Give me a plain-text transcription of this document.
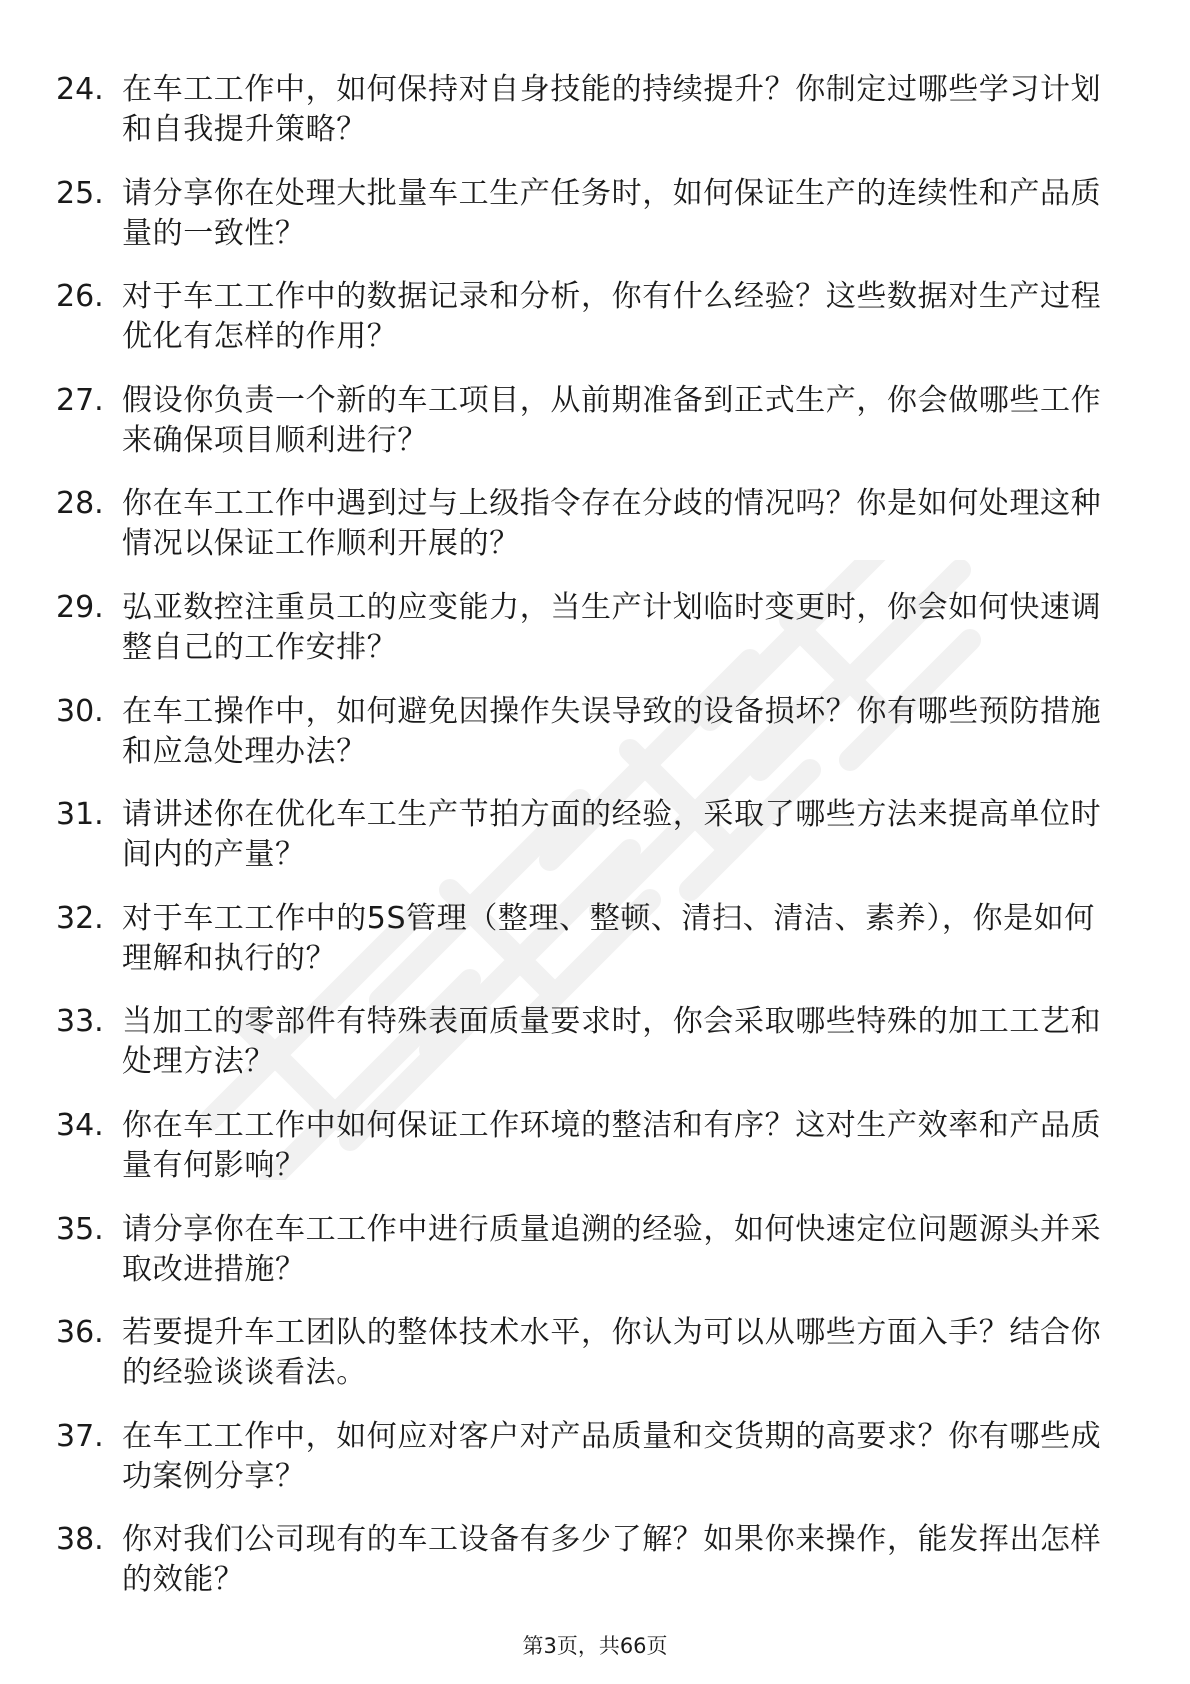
24. 在车工工作中，如何保持对自身技能的持续提升？你制定过哪些学习计划和自我提升策略？
25. 请分享你在处理大批量车工生产任务时，如何保证生产的连续性和产品质量的一致性？
26. 对于车工工作中的数据记录和分析，你有什么经验？这些数据对生产过程优化有怎样的作用？
27. 假设你负责一个新的车工项目，从前期准备到正式生产，你会做哪些工作来确保项目顺利进行？
28. 你在车工工作中遇到过与上级指令存在分歧的情况吗？你是如何处理这种情况以保证工作顺利开展的？
29. 弘亚数控注重员工的应变能力，当生产计划临时变更时，你会如何快速调整自己的工作安排？
30. 在车工操作中，如何避免因操作失误导致的设备损坏？你有哪些预防措施和应急处理办法？
31. 请讲述你在优化车工生产节拍方面的经验，采取了哪些方法来提高单位时间内的产量？
32. 对于车工工作中的5S管理（整理、整顿、清扫、清洁、素养），你是如何理解和执行的？
33. 当加工的零部件有特殊表面质量要求时，你会采取哪些特殊的加工工艺和处理方法？
34. 你在车工工作中如何保证工作环境的整洁和有序？这对生产效率和产品质量有何影响？
35. 请分享你在车工工作中进行质量追溯的经验，如何快速定位问题源头并采取改进措施？
36. 若要提升车工团队的整体技术水平，你认为可以从哪些方面入手？结合你的经验谈谈看法。
37. 在车工工作中，如何应对客户对产品质量和交货期的高要求？你有哪些成功案例分享？
38. 你对我们公司现有的车工设备有多少了解？如果你来操作，能发挥出怎样的效能？
第3页，共66页
